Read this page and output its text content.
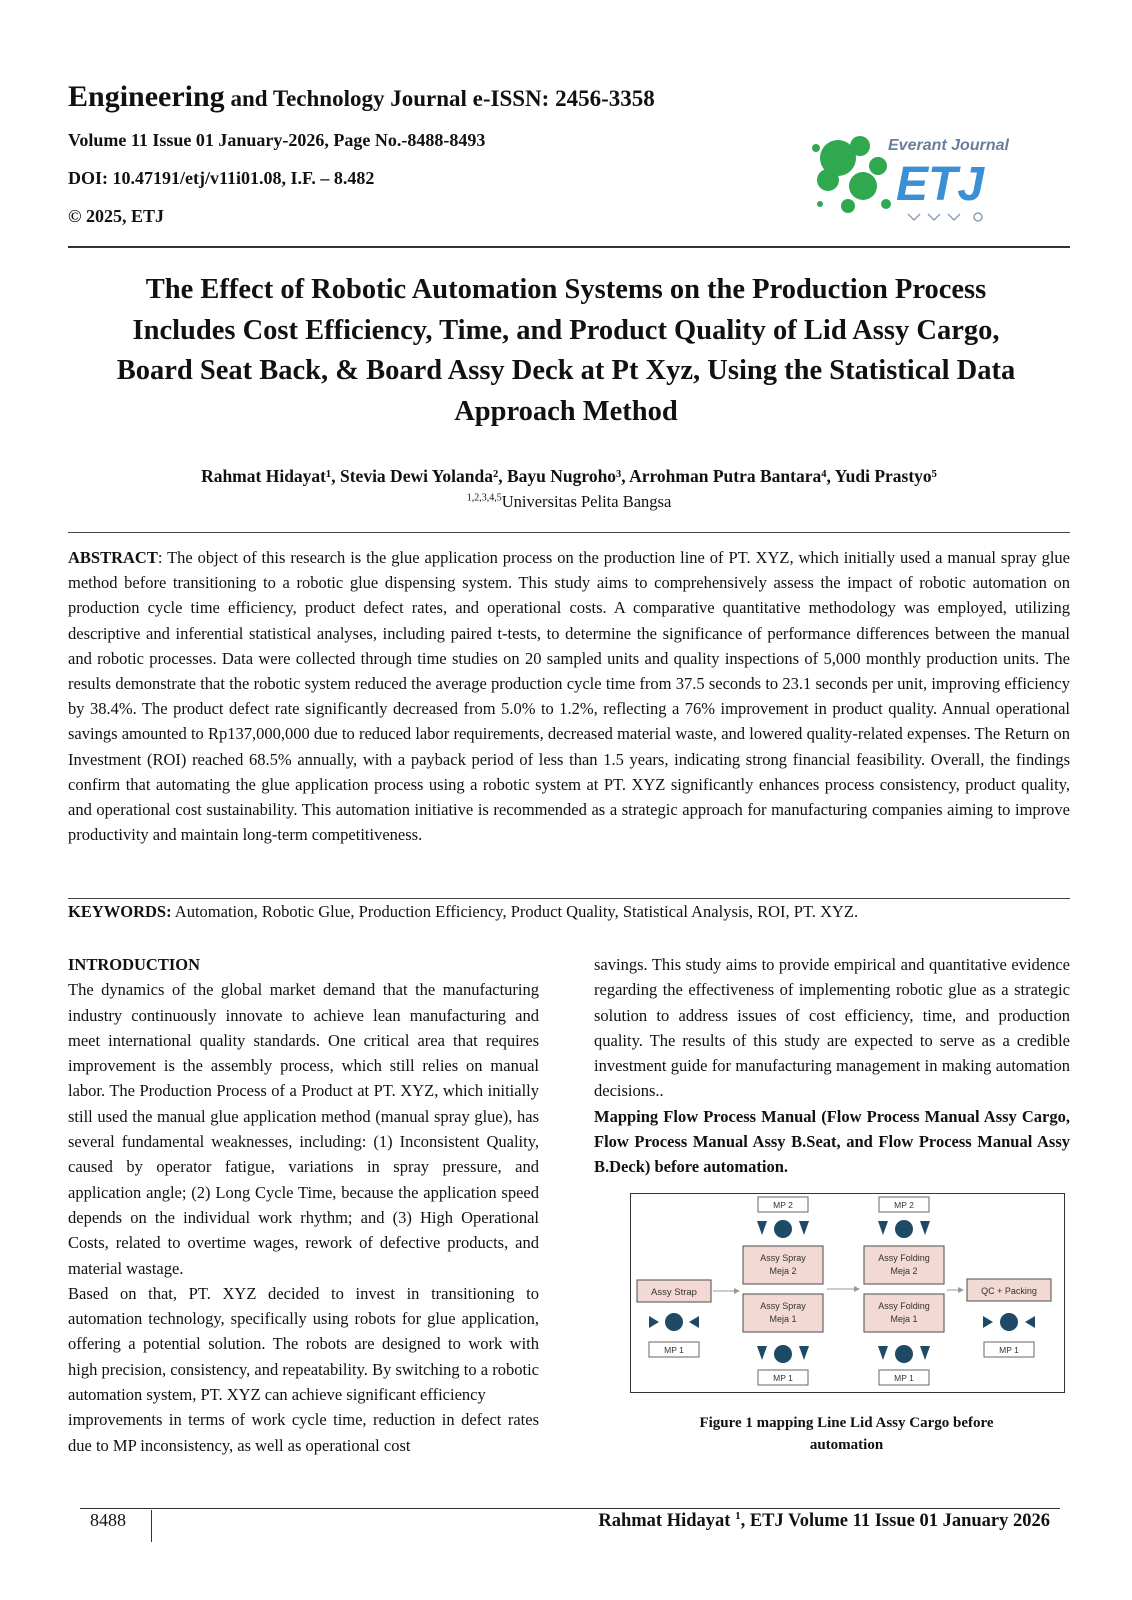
Engineering and Technology Journal e-ISSN: 2456-3358
Volume 11 Issue 01 January-2026, Page No.-8488-8493
DOI: 10.47191/etj/v11i01.08, I.F. – 8.482
© 2025, ETJ
Everant Journal
ETJ
The Effect of Robotic Automation Systems on the Production Process
Includes Cost Efficiency, Time, and Product Quality of Lid Assy Cargo,
Board Seat Back, & Board Assy Deck at Pt Xyz, Using the Statistical Data
Approach Method
Rahmat Hidayat¹, Stevia Dewi Yolanda², Bayu Nugroho³, Arrohman Putra Bantara⁴, Yudi Prastyo⁵
$^{1,2,3,4,5}$Universitas Pelita Bangsa
ABSTRACT: The object of this research is the glue application process on the production line of PT. XYZ, which initially used a manual spray glue method before transitioning to a robotic glue dispensing system. This study aims to comprehensively assess the impact of robotic automation on production cycle time efficiency, product defect rates, and operational costs. A comparative quantitative methodology was employed, utilizing descriptive and inferential statistical analyses, including paired t-tests, to determine the significance of performance differences between the manual and robotic processes. Data were collected through time studies on 20 sampled units and quality inspections of 5,000 monthly production units. The results demonstrate that the robotic system reduced the average production cycle time from 37.5 seconds to 23.1 seconds per unit, improving efficiency by 38.4%. The product defect rate significantly decreased from 5.0% to 1.2%, reflecting a 76% improvement in product quality. Annual operational savings amounted to Rp137,000,000 due to reduced labor requirements, decreased material waste, and lowered quality-related expenses. The Return on Investment (ROI) reached 68.5% annually, with a payback period of less than 1.5 years, indicating strong financial feasibility. Overall, the findings confirm that automating the glue application process using a robotic system at PT. XYZ significantly enhances process consistency, product quality, and operational cost sustainability. This automation initiative is recommended as a strategic approach for manufacturing companies aiming to improve productivity and maintain long-term competitiveness.
KEYWORDS: Automation, Robotic Glue, Production Efficiency, Product Quality, Statistical Analysis, ROI, PT. XYZ.

INTRODUCTION

The dynamics of the global market demand that the manufacturing industry continuously innovate to achieve lean manufacturing and meet international quality standards. One critical area that requires improvement is the assembly process, which still relies on manual labor. The Production Process of a Product at PT. XYZ, which initially still used the manual glue application method (manual spray glue), has several fundamental weaknesses, including: (1) Inconsistent Quality, caused by operator fatigue, variations in spray pressure, and application angle; (2) Long Cycle Time, because the application speed depends on the individual work rhythm; and (3) High Operational Costs, related to overtime wages, rework of defective products, and material wastage.

Based on that, PT. XYZ decided to invest in transitioning to automation technology, specifically using robots for glue application, offering a potential solution. The robots are designed to work with high precision, consistency, and repeatability. By switching to a robotic automation system, PT. XYZ can achieve significant efficiency

improvements in terms of work cycle time, reduction in defect rates due to MP inconsistency, as well as operational cost

savings. This study aims to provide empirical and quantitative evidence regarding the effectiveness of implementing robotic glue as a strategic solution to address issues of cost efficiency, time, and production quality. The results of this study are expected to serve as a credible investment guide for manufacturing management in making automation decisions..

Mapping Flow Process Manual (Flow Process Manual Assy Cargo, Flow Process Manual Assy B.Seat, and Flow Process Manual Assy B.Deck) before automation.

Assy Strap
Assy Spray
Meja 2
Assy Spray
Meja 1
Assy Folding
Meja 2
Assy Folding
Meja 1
QC + Packing
MP 2	MP 2
MP 1
MP 1	MP 1
MP 1
Figure 1 mapping Line Lid Assy Cargo before
automation
8488	Rahmat Hidayat $^1$, ETJ Volume 11 Issue 01 January 2026
